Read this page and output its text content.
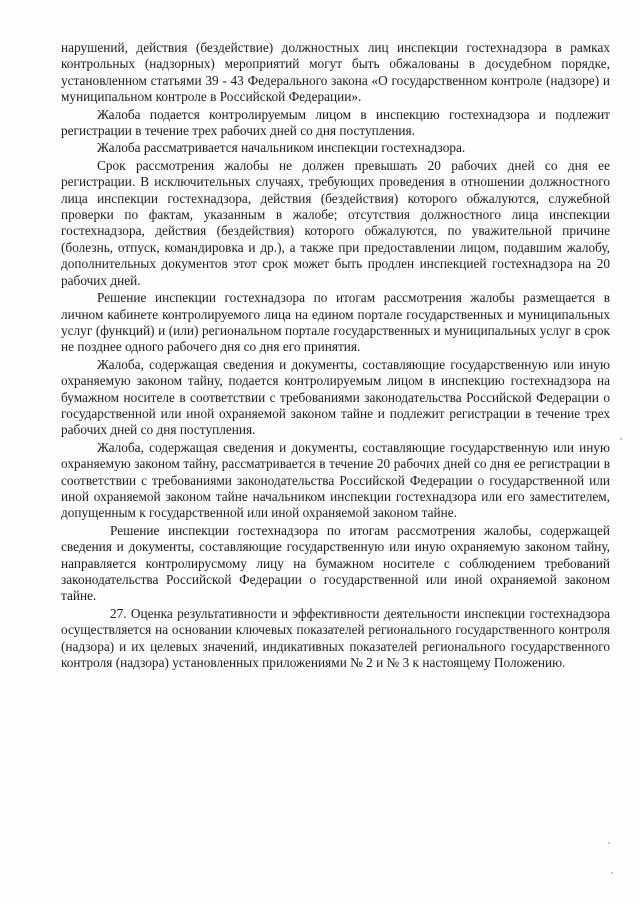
нарушений, действия (бездействие) должностных лиц инспекции гостехнадзора в рамках контрольных (надзорных) мероприятий могут быть обжалованы в досудебном порядке, установленном статьями 39 - 43 Федерального закона «О государственном контроле (надзоре) и муниципальном контроле в Российской Федерации».

Жалоба подается контролируемым лицом в инспекцию гостехнадзора и подлежит регистрации в течение трех рабочих дней со дня поступления.

Жалоба рассматривается начальником инспекции гостехнадзора.

Срок рассмотрения жалобы не должен превышать 20 рабочих дней со дня ее регистрации. В исключительных случаях, требующих проведения в отношении должностного лица инспекции гостехнадзора, действия (бездействия) которого обжалуются, служебной проверки по фактам, указанным в жалобе; отсутствия должностного лица инспекции гостехнадзора, действия (бездействия) которого обжалуются, по уважительной причине (болезнь, отпуск, командировка и др.), а также при предоставлении лицом, подавшим жалобу, дополнительных документов этот срок может быть продлен инспекцией гостехнадзора на 20 рабочих дней.

Решение инспекции гостехнадзора по итогам рассмотрения жалобы размещается в личном кабинете контролируемого лица на едином портале государственных и муниципальных услуг (функций) и (или) региональном портале государственных и муниципальных услуг в срок не позднее одного рабочего дня со дня его принятия.

Жалоба, содержащая сведения и документы, составляющие государственную или иную охраняемую законом тайну, подается контролируемым лицом в инспекцию гостехнадзора на бумажном носителе в соответствии с требованиями законодательства Российской Федерации о государственной или иной охраняемой законом тайне и подлежит регистрации в течение трех рабочих дней со дня поступления.

Жалоба, содержащая сведения и документы, составляющие государственную или иную охраняемую законом тайну, рассматривается в течение 20 рабочих дней со дня ее регистрации в соответствии с требованиями законодательства Российской Федерации о государственной или иной охраняемой законом тайне начальником инспекции гостехнадзора или его заместителем, допущенным к государственной или иной охраняемой законом тайне.

Решение инспекции гостехнадзора по итогам рассмотрения жалобы, содержащей сведения и документы, составляющие государственную или иную охраняемую законом тайну, направляется контролирусмому лицу на бумажном носителе с соблюдением требований законодательства Российской Федерации о государственной или иной охраняемой законом тайне.

27. Оценка результативности и эффективности деятельности инспекции гостехнадзора осуществляется на основании ключевых показателей регионального государственного контроля (надзора) и их целевых значений, индикативных показателей регионального государственного контроля (надзора) установленных приложениями № 2 и № 3 к настоящему Положению.
